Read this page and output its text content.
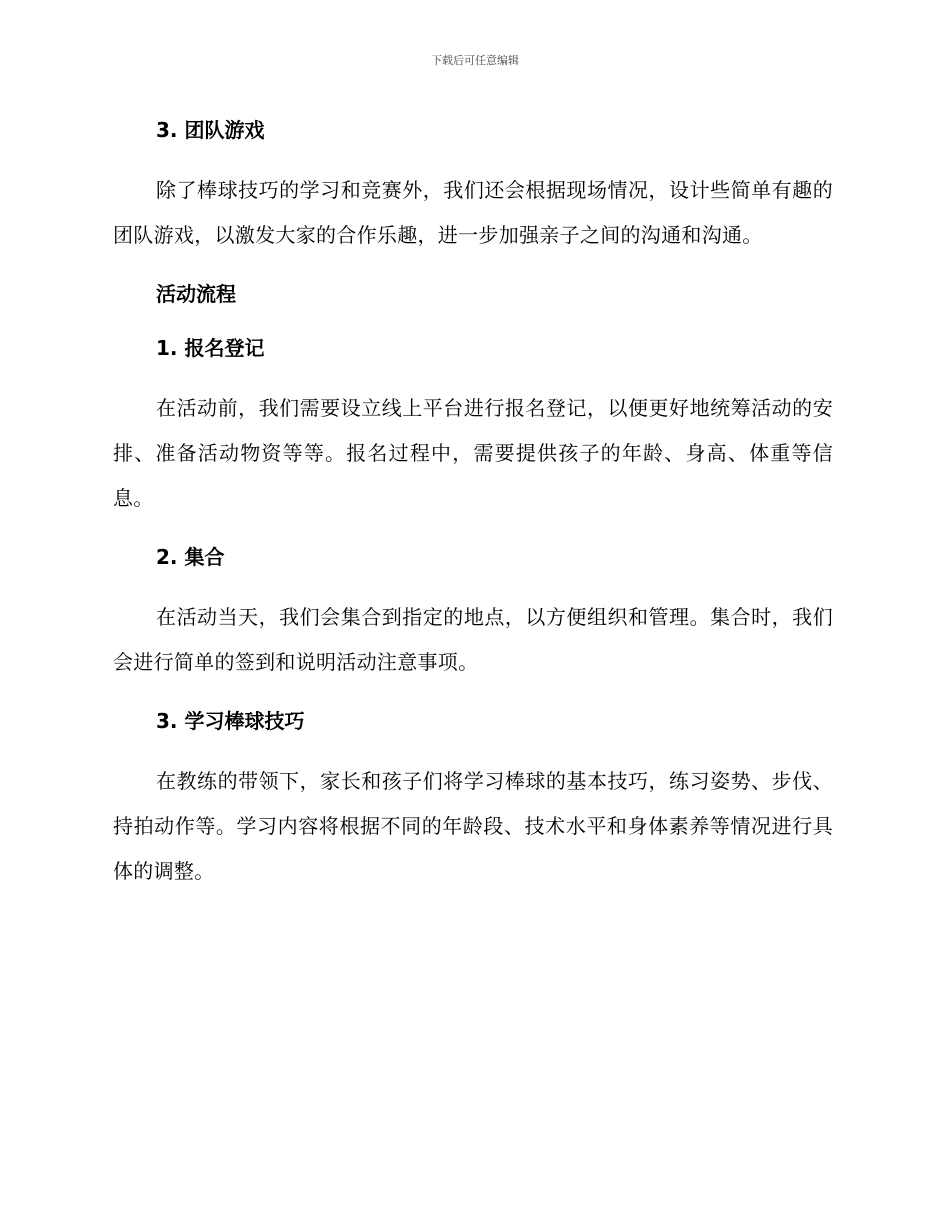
下载后可任意编辑
3. 团队游戏

除了棒球技巧的学习和竞赛外，我们还会根据现场情况，设计些简单有趣的团队游戏，以激发大家的合作乐趣，进一步加强亲子之间的沟通和沟通。

活动流程
1. 报名登记

在活动前，我们需要设立线上平台进行报名登记，以便更好地统筹活动的安排、准备活动物资等等。报名过程中，需要提供孩子的年龄、身高、体重等信息。

2. 集合

在活动当天，我们会集合到指定的地点，以方便组织和管理。集合时，我们会进行简单的签到和说明活动注意事项。

3. 学习棒球技巧

在教练的带领下，家长和孩子们将学习棒球的基本技巧，练习姿势、步伐、持拍动作等。学习内容将根据不同的年龄段、技术水平和身体素养等情况进行具体的调整。
